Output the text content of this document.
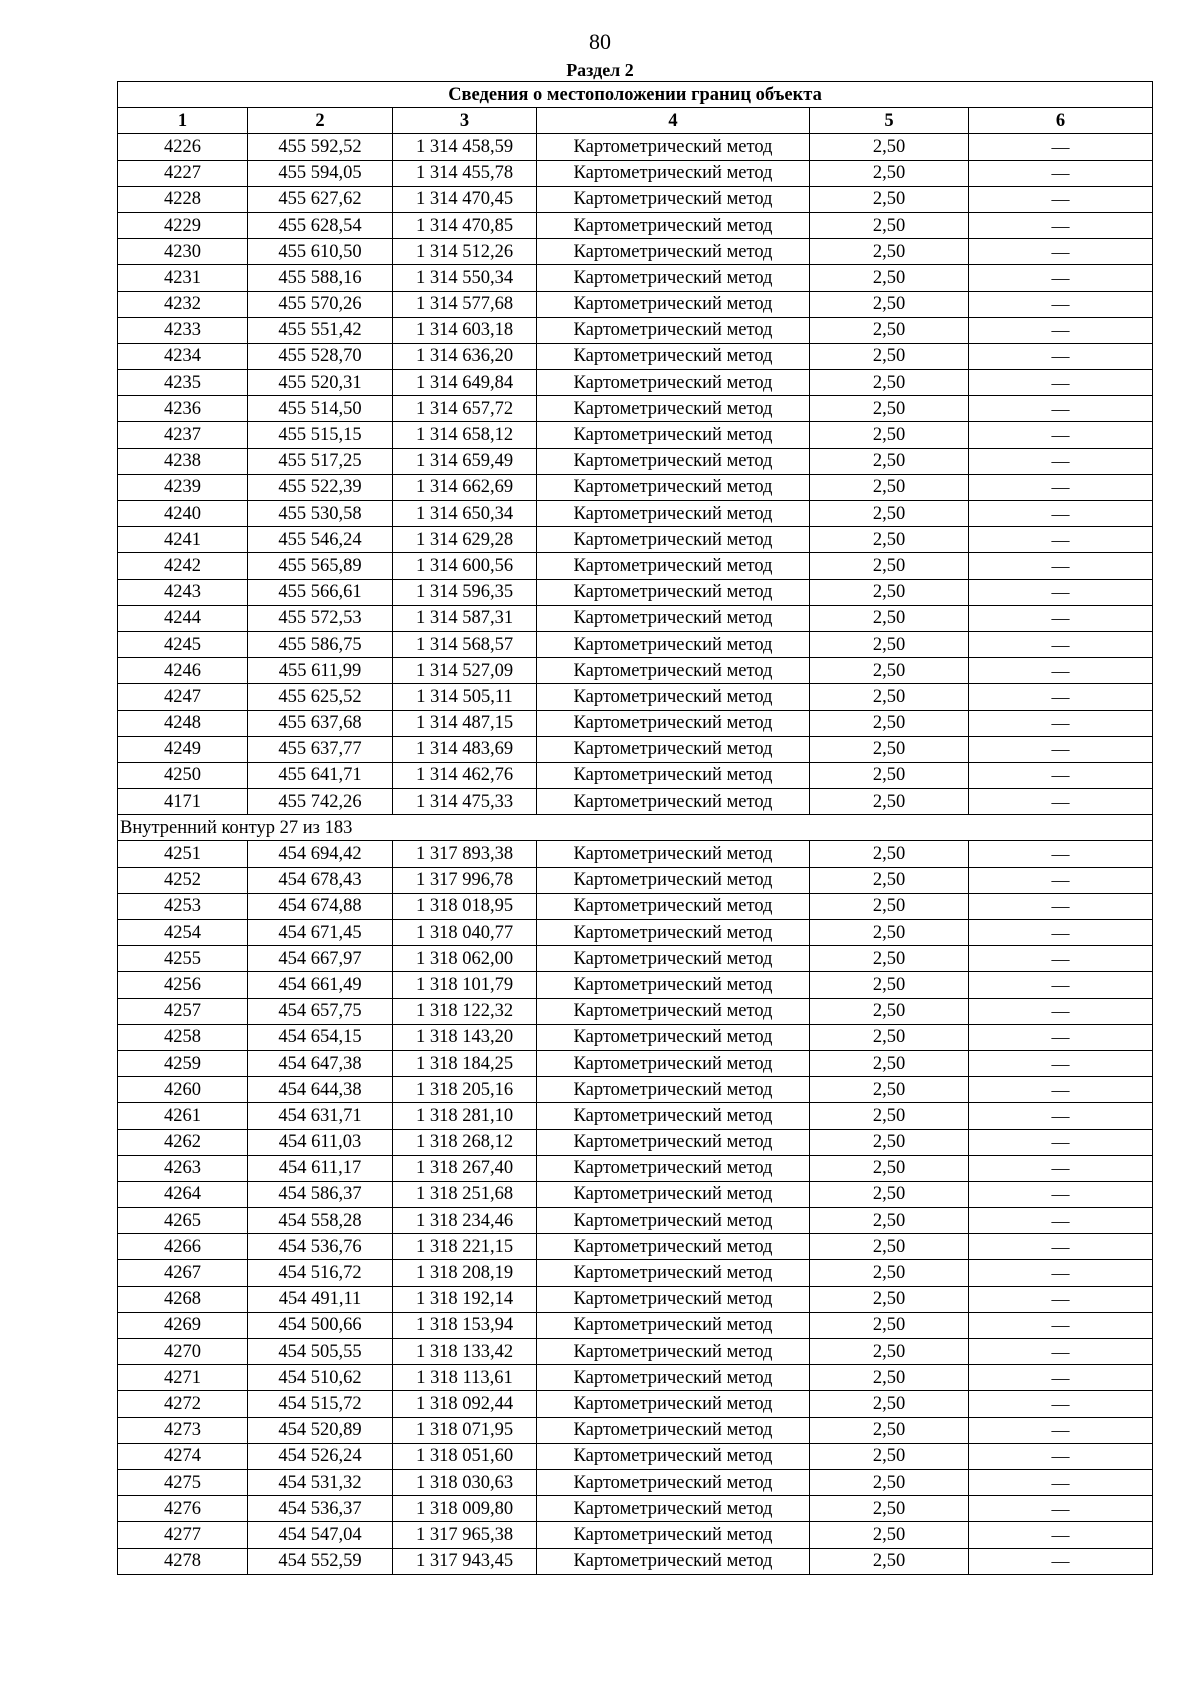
80
Раздел 2
Сведения о местоположении границ объекта					
1	2	3	4	5	6
4226	455 592,52	1 314 458,59	Картометрический метод	2,50	—
4227	455 594,05	1 314 455,78	Картометрический метод	2,50	—
4228	455 627,62	1 314 470,45	Картометрический метод	2,50	—
4229	455 628,54	1 314 470,85	Картометрический метод	2,50	—
4230	455 610,50	1 314 512,26	Картометрический метод	2,50	—
4231	455 588,16	1 314 550,34	Картометрический метод	2,50	—
4232	455 570,26	1 314 577,68	Картометрический метод	2,50	—
4233	455 551,42	1 314 603,18	Картометрический метод	2,50	—
4234	455 528,70	1 314 636,20	Картометрический метод	2,50	—
4235	455 520,31	1 314 649,84	Картометрический метод	2,50	—
4236	455 514,50	1 314 657,72	Картометрический метод	2,50	—
4237	455 515,15	1 314 658,12	Картометрический метод	2,50	—
4238	455 517,25	1 314 659,49	Картометрический метод	2,50	—
4239	455 522,39	1 314 662,69	Картометрический метод	2,50	—
4240	455 530,58	1 314 650,34	Картометрический метод	2,50	—
4241	455 546,24	1 314 629,28	Картометрический метод	2,50	—
4242	455 565,89	1 314 600,56	Картометрический метод	2,50	—
4243	455 566,61	1 314 596,35	Картометрический метод	2,50	—
4244	455 572,53	1 314 587,31	Картометрический метод	2,50	—
4245	455 586,75	1 314 568,57	Картометрический метод	2,50	—
4246	455 611,99	1 314 527,09	Картометрический метод	2,50	—
4247	455 625,52	1 314 505,11	Картометрический метод	2,50	—
4248	455 637,68	1 314 487,15	Картометрический метод	2,50	—
4249	455 637,77	1 314 483,69	Картометрический метод	2,50	—
4250	455 641,71	1 314 462,76	Картометрический метод	2,50	—
4171	455 742,26	1 314 475,33	Картометрический метод	2,50	—
Внутренний контур 27 из 183					
4251	454 694,42	1 317 893,38	Картометрический метод	2,50	—
4252	454 678,43	1 317 996,78	Картометрический метод	2,50	—
4253	454 674,88	1 318 018,95	Картометрический метод	2,50	—
4254	454 671,45	1 318 040,77	Картометрический метод	2,50	—
4255	454 667,97	1 318 062,00	Картометрический метод	2,50	—
4256	454 661,49	1 318 101,79	Картометрический метод	2,50	—
4257	454 657,75	1 318 122,32	Картометрический метод	2,50	—
4258	454 654,15	1 318 143,20	Картометрический метод	2,50	—
4259	454 647,38	1 318 184,25	Картометрический метод	2,50	—
4260	454 644,38	1 318 205,16	Картометрический метод	2,50	—
4261	454 631,71	1 318 281,10	Картометрический метод	2,50	—
4262	454 611,03	1 318 268,12	Картометрический метод	2,50	—
4263	454 611,17	1 318 267,40	Картометрический метод	2,50	—
4264	454 586,37	1 318 251,68	Картометрический метод	2,50	—
4265	454 558,28	1 318 234,46	Картометрический метод	2,50	—
4266	454 536,76	1 318 221,15	Картометрический метод	2,50	—
4267	454 516,72	1 318 208,19	Картометрический метод	2,50	—
4268	454 491,11	1 318 192,14	Картометрический метод	2,50	—
4269	454 500,66	1 318 153,94	Картометрический метод	2,50	—
4270	454 505,55	1 318 133,42	Картометрический метод	2,50	—
4271	454 510,62	1 318 113,61	Картометрический метод	2,50	—
4272	454 515,72	1 318 092,44	Картометрический метод	2,50	—
4273	454 520,89	1 318 071,95	Картометрический метод	2,50	—
4274	454 526,24	1 318 051,60	Картометрический метод	2,50	—
4275	454 531,32	1 318 030,63	Картометрический метод	2,50	—
4276	454 536,37	1 318 009,80	Картометрический метод	2,50	—
4277	454 547,04	1 317 965,38	Картометрический метод	2,50	—
4278	454 552,59	1 317 943,45	Картометрический метод	2,50	—
